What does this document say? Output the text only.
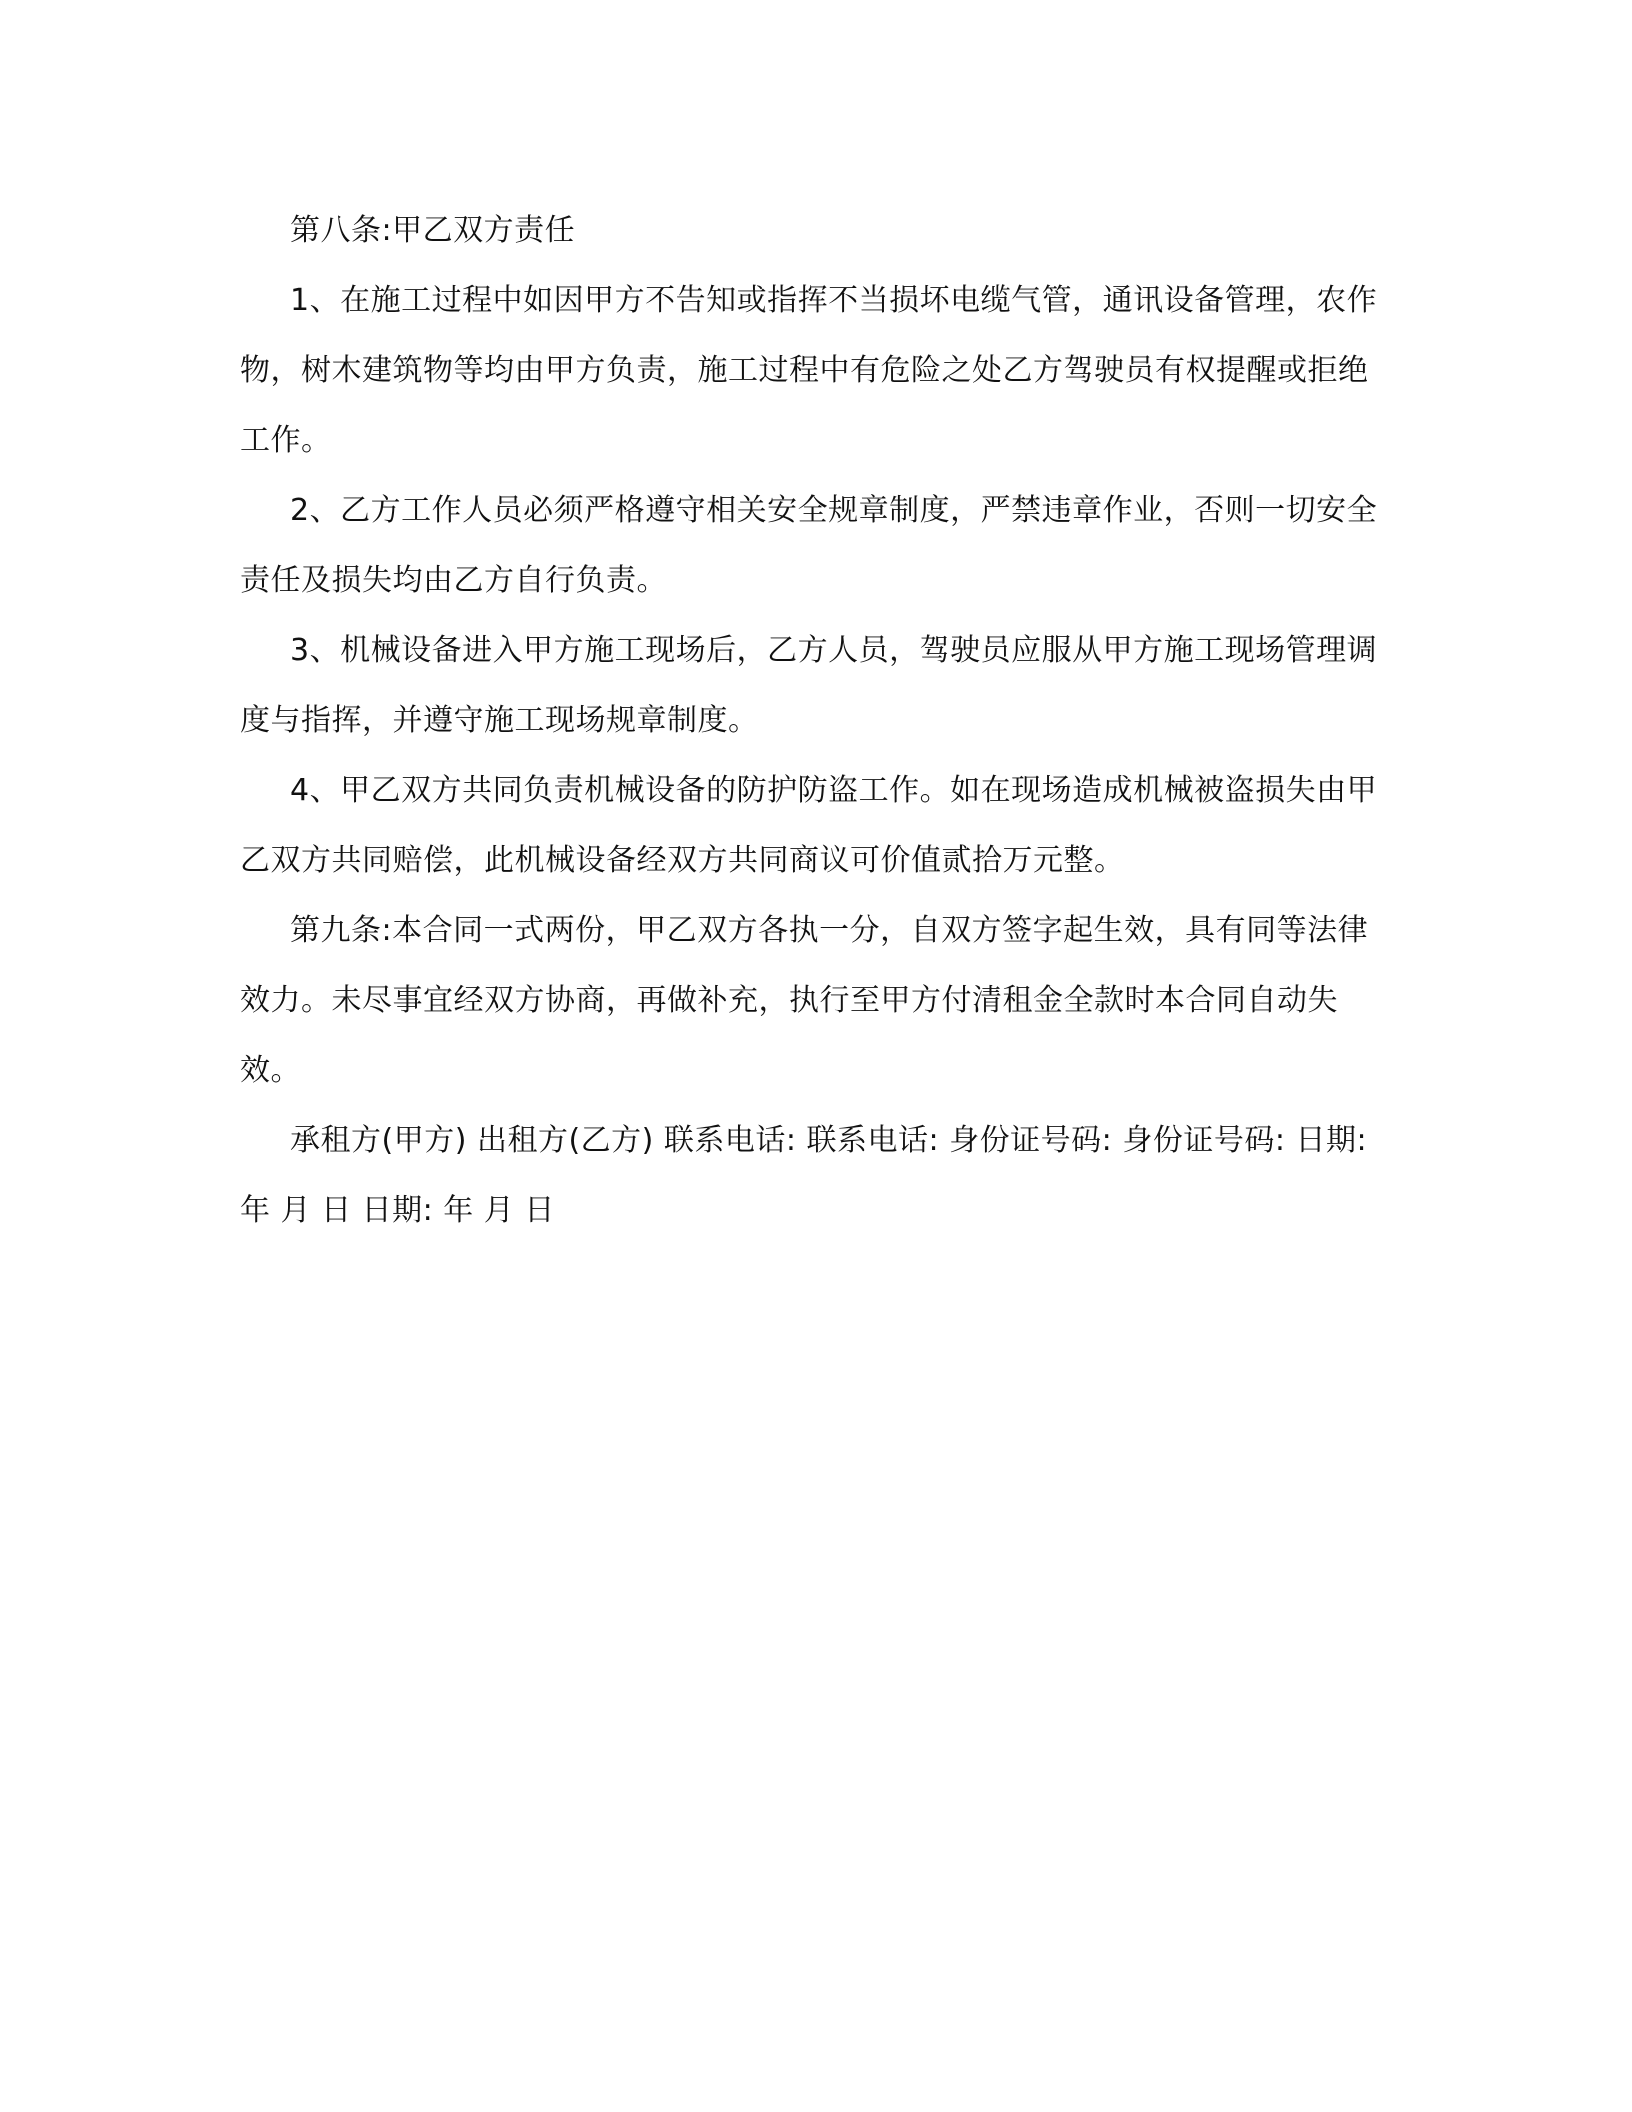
第八条:甲乙双方责任

1、在施工过程中如因甲方不告知或指挥不当损坏电缆气管，通讯设备管理，农作物，树木建筑物等均由甲方负责，施工过程中有危险之处乙方驾驶员有权提醒或拒绝工作。

2、乙方工作人员必须严格遵守相关安全规章制度，严禁违章作业，否则一切安全责任及损失均由乙方自行负责。

3、机械设备进入甲方施工现场后，乙方人员，驾驶员应服从甲方施工现场管理调度与指挥，并遵守施工现场规章制度。

4、甲乙双方共同负责机械设备的防护防盗工作。如在现场造成机械被盗损失由甲乙双方共同赔偿，此机械设备经双方共同商议可价值贰拾万元整。

第九条:本合同一式两份，甲乙双方各执一分，自双方签字起生效，具有同等法律效力。未尽事宜经双方协商，再做补充，执行至甲方付清租金全款时本合同自动失效。

承租方(甲方) 出租方(乙方) 联系电话: 联系电话: 身份证号码: 身份证号码: 日期: 年 月 日 日期: 年 月 日
